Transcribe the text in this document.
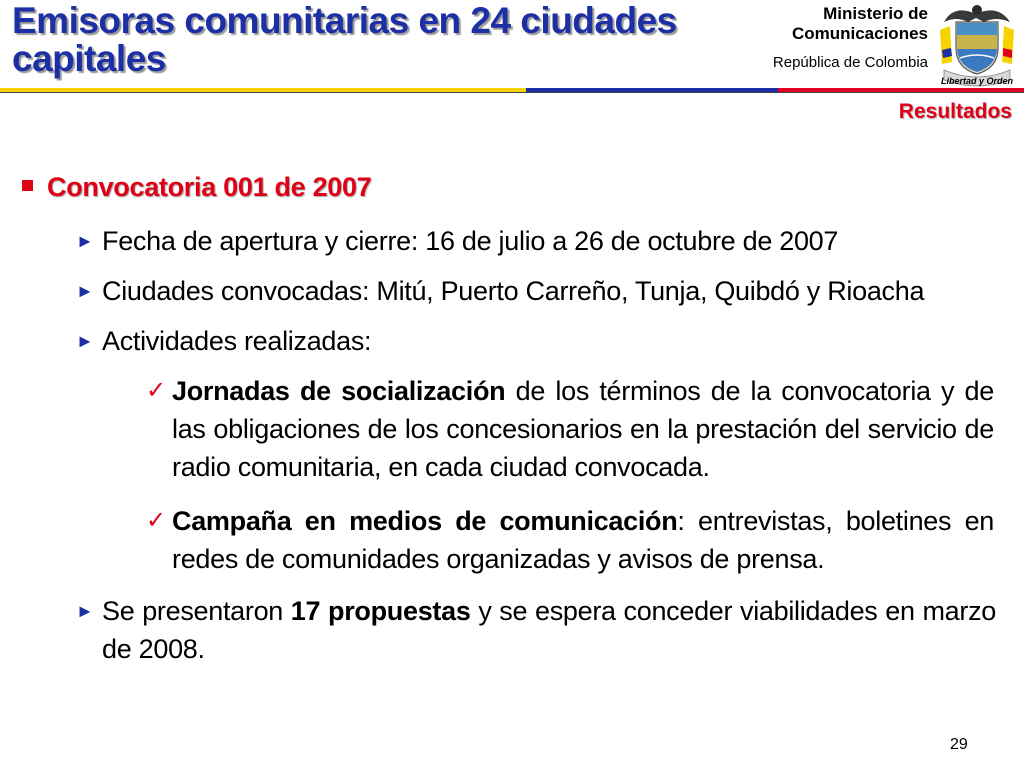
Emisoras comunitarias en 24 ciudades capitales
Ministerio de
Comunicaciones
República de Colombia
Libertad y Orden
Resultados
Convocatoria 001 de 2007
► Fecha de apertura y cierre: 16 de julio a 26 de octubre de 2007
► Ciudades convocadas: Mitú, Puerto Carreño, Tunja, Quibdó y Rioacha
► Actividades realizadas:
✓ Jornadas de socialización de los términos de la convocatoria y de las obligaciones de los concesionarios en la prestación del servicio de radio comunitaria, en cada ciudad convocada.
✓ Campaña en medios de comunicación: entrevistas, boletines en redes de comunidades organizadas y avisos de prensa.
► Se presentaron 17 propuestas y se espera conceder viabilidades en marzo de 2008.
29
